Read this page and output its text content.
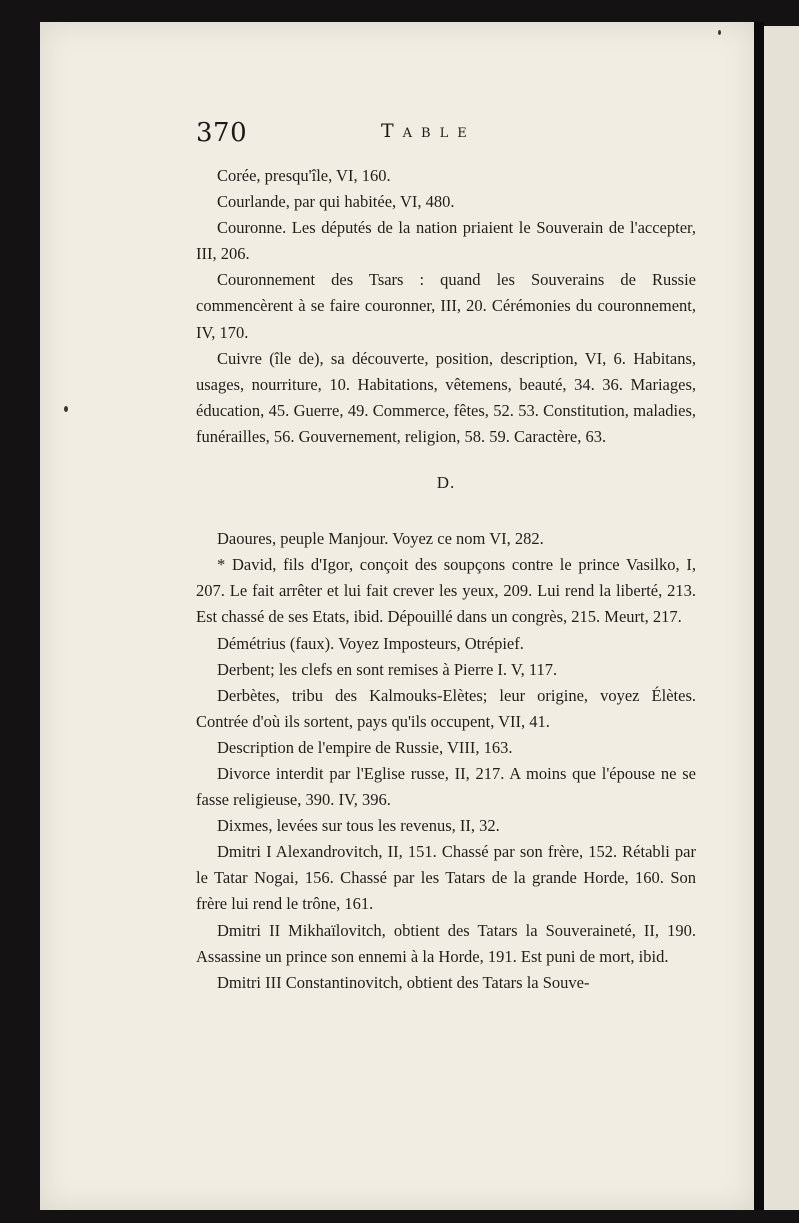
370	Table

Corée, presqu'île, VI, 160.

Courlande, par qui habitée, VI, 480.

Couronne. Les députés de la nation priaient le Souverain de l'accepter, III, 206.

Couronnement des Tsars : quand les Souverains de Russie commencèrent à se faire couronner, III, 20. Cérémonies du couronnement, IV, 170.

Cuivre (île de), sa découverte, position, description, VI, 6. Habitans, usages, nourriture, 10. Habitations, vêtemens, beauté, 34. 36. Mariages, éducation, 45. Guerre, 49. Commerce, fêtes, 52. 53. Constitution, maladies, funérailles, 56. Gouvernement, religion, 58. 59. Caractère, 63.

D.

Daoures, peuple Manjour. Voyez ce nom VI, 282.

* David, fils d'Igor, conçoit des soupçons contre le prince Vasilko, I, 207. Le fait arrêter et lui fait crever les yeux, 209. Lui rend la liberté, 213. Est chassé de ses Etats, ibid. Dépouillé dans un congrès, 215. Meurt, 217.

Démétrius (faux). Voyez Imposteurs, Otrépief.

Derbent; les clefs en sont remises à Pierre I. V, 117.

Derbètes, tribu des Kalmouks-Elètes; leur origine, voyez Élètes. Contrée d'où ils sortent, pays qu'ils occupent, VII, 41.

Description de l'empire de Russie, VIII, 163.

Divorce interdit par l'Eglise russe, II, 217. A moins que l'épouse ne se fasse religieuse, 390. IV, 396.

Dixmes, levées sur tous les revenus, II, 32.

Dmitri I Alexandrovitch, II, 151. Chassé par son frère, 152. Rétabli par le Tatar Nogai, 156. Chassé par les Tatars de la grande Horde, 160. Son frère lui rend le trône, 161.

Dmitri II Mikhaïlovitch, obtient des Tatars la Souveraineté, II, 190. Assassine un prince son ennemi à la Horde, 191. Est puni de mort, ibid.

Dmitri III Constantinovitch, obtient des Tatars la Souve-
